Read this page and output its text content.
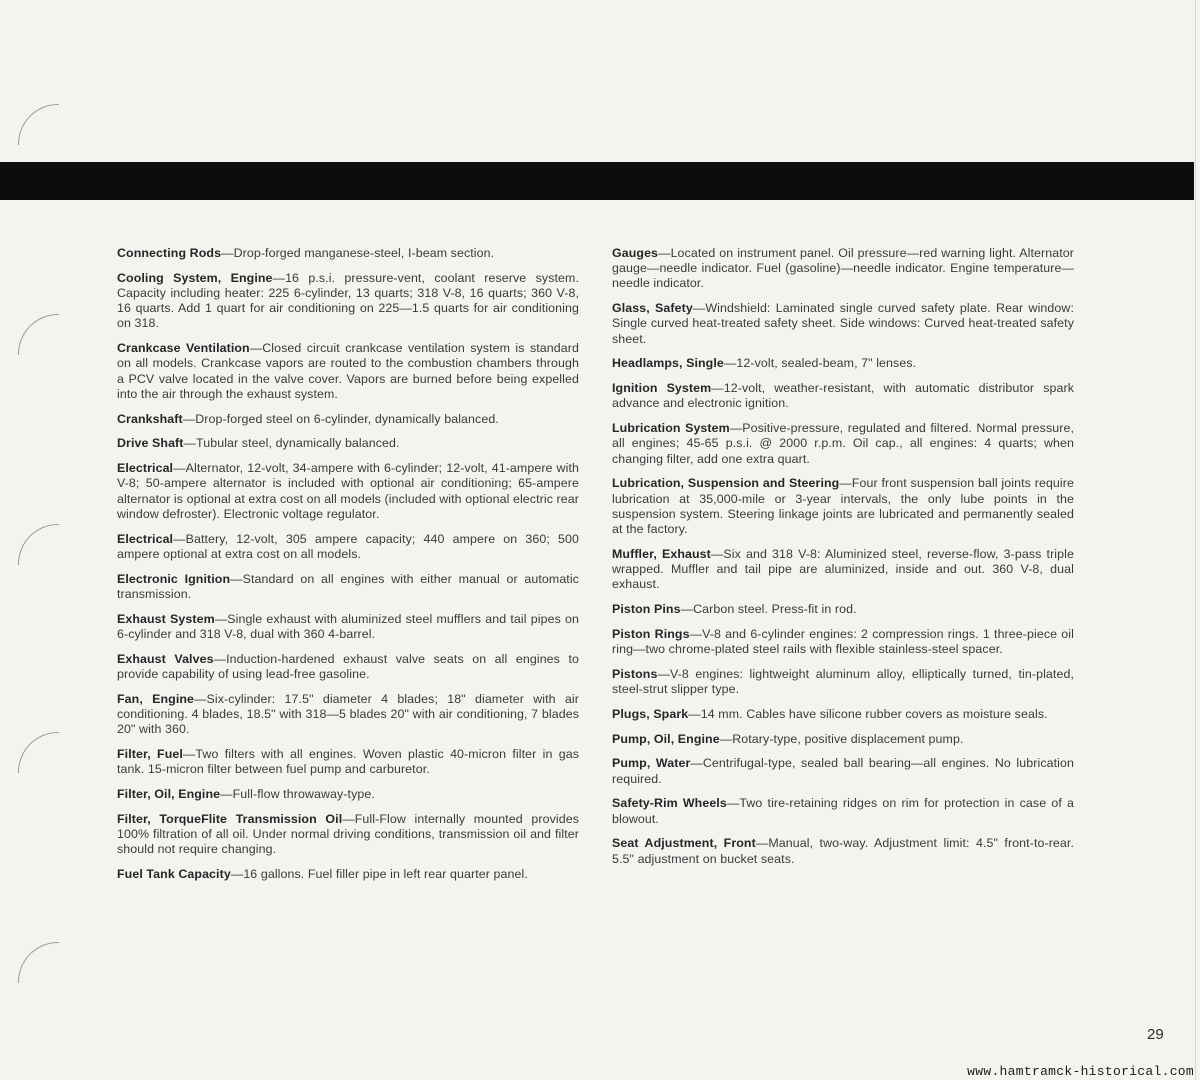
Connecting Rods—Drop-forged manganese-steel, I-beam section.

Cooling System, Engine—16 p.s.i. pressure-vent, coolant reserve system. Capacity including heater: 225 6-cylinder, 13 quarts; 318 V-8, 16 quarts; 360 V-8, 16 quarts. Add 1 quart for air conditioning on 225—1.5 quarts for air conditioning on 318.

Crankcase Ventilation—Closed circuit crankcase ventilation system is standard on all models. Crankcase vapors are routed to the combustion chambers through a PCV valve located in the valve cover. Vapors are burned before being expelled into the air through the exhaust system.

Crankshaft—Drop-forged steel on 6-cylinder, dynamically balanced.

Drive Shaft—Tubular steel, dynamically balanced.

Electrical—Alternator, 12-volt, 34-ampere with 6-cylinder; 12-volt, 41-ampere with V-8; 50-ampere alternator is included with optional air conditioning; 65-ampere alternator is optional at extra cost on all models (included with optional electric rear window defroster). Electronic voltage regulator.

Electrical—Battery, 12-volt, 305 ampere capacity; 440 ampere on 360; 500 ampere optional at extra cost on all models.

Electronic Ignition—Standard on all engines with either manual or automatic transmission.

Exhaust System—Single exhaust with aluminized steel mufflers and tail pipes on 6-cylinder and 318 V-8, dual with 360 4-barrel.

Exhaust Valves—Induction-hardened exhaust valve seats on all engines to provide capability of using lead-free gasoline.

Fan, Engine—Six-cylinder: 17.5" diameter 4 blades; 18" diameter with air conditioning. 4 blades, 18.5" with 318—5 blades 20" with air conditioning, 7 blades 20" with 360.

Filter, Fuel—Two filters with all engines. Woven plastic 40-micron filter in gas tank. 15-micron filter between fuel pump and carburetor.

Filter, Oil, Engine—Full-flow throwaway-type.

Filter, TorqueFlite Transmission Oil—Full-Flow internally mounted provides 100% filtration of all oil. Under normal driving conditions, transmission oil and filter should not require changing.

Fuel Tank Capacity—16 gallons. Fuel filler pipe in left rear quarter panel.

Gauges—Located on instrument panel. Oil pressure—red warning light. Alternator gauge—needle indicator. Fuel (gasoline)—needle indicator. Engine temperature—needle indicator.

Glass, Safety—Windshield: Laminated single curved safety plate. Rear window: Single curved heat-treated safety sheet. Side windows: Curved heat-treated safety sheet.

Headlamps, Single—12-volt, sealed-beam, 7" lenses.

Ignition System—12-volt, weather-resistant, with automatic distributor spark advance and electronic ignition.

Lubrication System—Positive-pressure, regulated and filtered. Normal pressure, all engines; 45-65 p.s.i. @ 2000 r.p.m. Oil cap., all engines: 4 quarts; when changing filter, add one extra quart.

Lubrication, Suspension and Steering—Four front suspension ball joints require lubrication at 35,000-mile or 3-year intervals, the only lube points in the suspension system. Steering linkage joints are lubricated and permanently sealed at the factory.

Muffler, Exhaust—Six and 318 V-8: Aluminized steel, reverse-flow, 3-pass triple wrapped. Muffler and tail pipe are aluminized, inside and out. 360 V-8, dual exhaust.

Piston Pins—Carbon steel. Press-fit in rod.

Piston Rings—V-8 and 6-cylinder engines: 2 compression rings. 1 three-piece oil ring—two chrome-plated steel rails with flexible stainless-steel spacer.

Pistons—V-8 engines: lightweight aluminum alloy, elliptically turned, tin-plated, steel-strut slipper type.

Plugs, Spark—14 mm. Cables have silicone rubber covers as moisture seals.

Pump, Oil, Engine—Rotary-type, positive displacement pump.

Pump, Water—Centrifugal-type, sealed ball bearing—all engines. No lubrication required.

Safety-Rim Wheels—Two tire-retaining ridges on rim for protection in case of a blowout.

Seat Adjustment, Front—Manual, two-way. Adjustment limit: 4.5" front-to-rear. 5.5" adjustment on bucket seats.

29
www.hamtramck-historical.com
